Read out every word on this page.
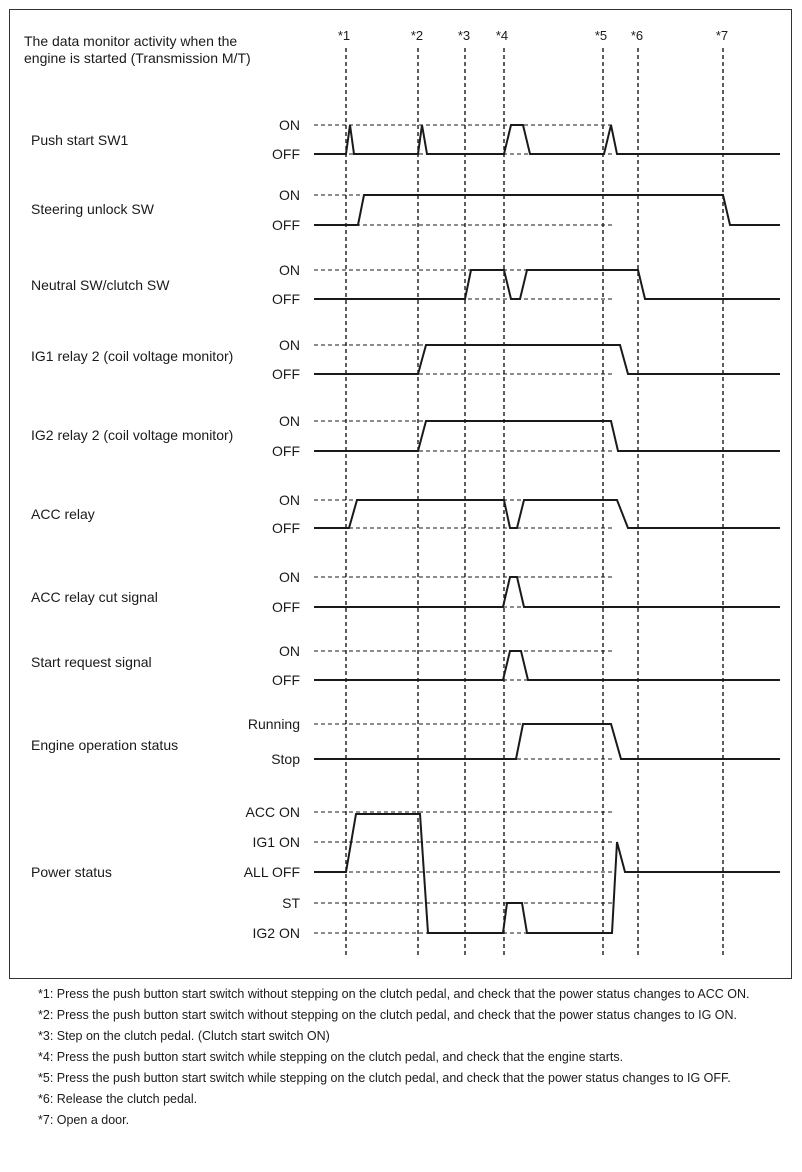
The data monitor activity when the
engine is started (Transmission M/T)
*1	*2	*3 *4	*5 *6	*7
Push start SW1
ON
OFF
Steering unlock SW
ON
OFF
Neutral SW/clutch SW
ON
OFF
IG1 relay 2 (coil voltage monitor)
ON
OFF
IG2 relay 2 (coil voltage monitor)
ON
OFF
ACC relay
ON
OFF
ACC relay cut signal
ON
OFF
Start request signal
ON
OFF
Engine operation status
Running
Stop
Power status
ACC ON
IG1 ON
ALL OFF
ST
IG2 ON
*1: Press the push button start switch without stepping on the clutch pedal, and check that the power status changes to ACC ON.
*2: Press the push button start switch without stepping on the clutch pedal, and check that the power status changes to IG ON.
*3: Step on the clutch pedal. (Clutch start switch ON)
*4: Press the push button start switch while stepping on the clutch pedal, and check that the engine starts.
*5: Press the push button start switch while stepping on the clutch pedal, and check that the power status changes to IG OFF.
*6: Release the clutch pedal.
*7: Open a door.
